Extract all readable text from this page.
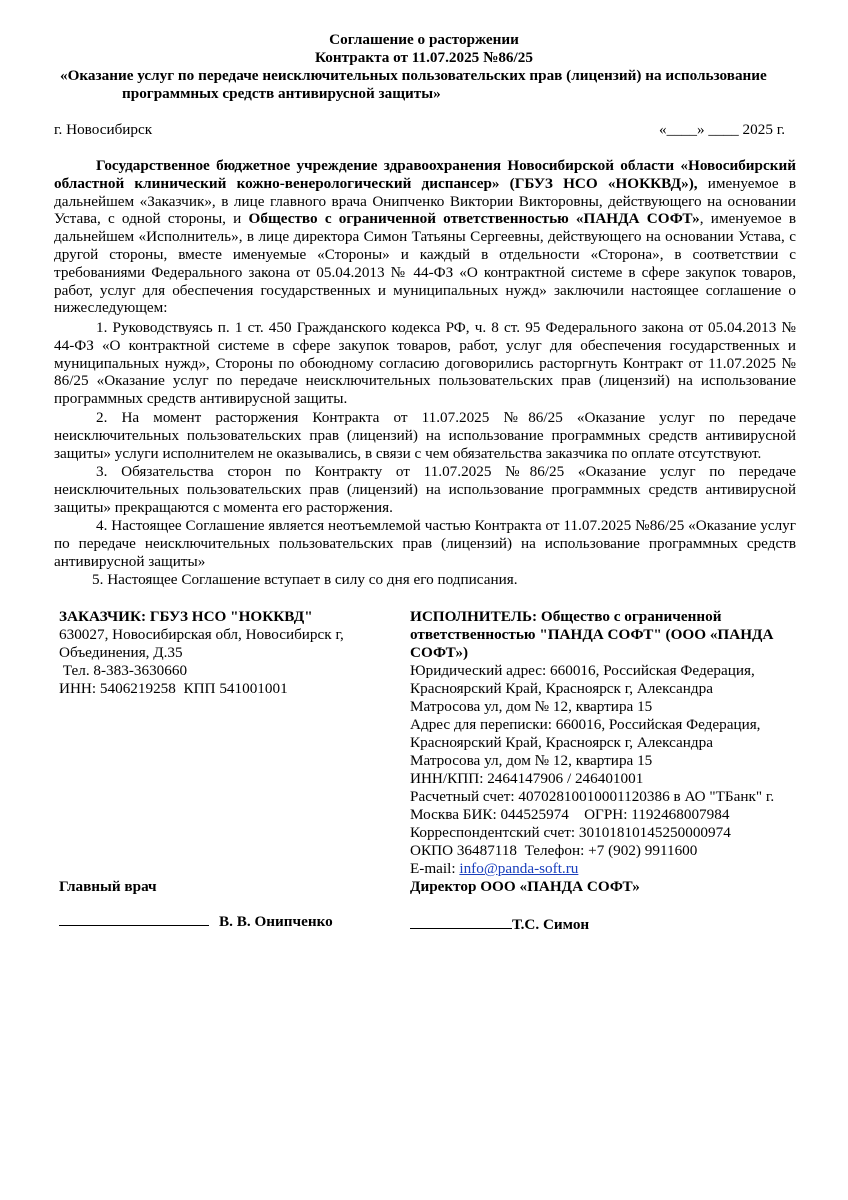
Соглашение о расторжении
Контракта от 11.07.2025 №86/25
«Оказание услуг по передаче неисключительных пользовательских прав (лицензий) на использование
программных средств антивирусной защиты»
г. Новосибирск	«____» ____ 2025 г.
Государственное бюджетное учреждение здравоохранения Новосибирской области «Новосибирский областной клинический кожно-венерологический диспансер» (ГБУЗ НСО «НОККВД»), именуемое в дальнейшем «Заказчик», в лице главного врача Онипченко Виктории Викторовны, действующего на основании Устава, с одной стороны, и Общество с ограниченной ответственностью «ПАНДА СОФТ», именуемое в дальнейшем «Исполнитель», в лице директора Симон Татьяны Сергеевны, действующего на основании Устава, с другой стороны, вместе именуемые «Стороны» и каждый в отдельности «Сторона», в соответствии с требованиями Федерального закона от 05.04.2013 № 44-ФЗ «О контрактной системе в сфере закупок товаров, работ, услуг для обеспечения государственных и муниципальных нужд» заключили настоящее соглашение о нижеследующем:
1. Руководствуясь п. 1 ст. 450 Гражданского кодекса РФ, ч. 8 ст. 95 Федерального закона от 05.04.2013 № 44-ФЗ «О контрактной системе в сфере закупок товаров, работ, услуг для обеспечения государственных и муниципальных нужд», Стороны по обоюдному согласию договорились расторгнуть Контракт от 11.07.2025 № 86/25 «Оказание услуг по передаче неисключительных пользовательских прав (лицензий) на использование программных средств антивирусной защиты.
2. На момент расторжения Контракта от 11.07.2025 №86/25 «Оказание услуг по передаче неисключительных пользовательских прав (лицензий) на использование программных средств антивирусной защиты» услуги исполнителем не оказывались, в связи с чем обязательства заказчика по оплате отсутствуют.
3. Обязательства сторон по Контракту от 11.07.2025 №86/25 «Оказание услуг по передаче неисключительных пользовательских прав (лицензий) на использование программных средств антивирусной защиты» прекращаются с момента его расторжения.
4. Настоящее Соглашение является неотъемлемой частью Контракта от 11.07.2025 №86/25 «Оказание услуг по передаче неисключительных пользовательских прав (лицензий) на использование программных средств антивирусной защиты»
5. Настоящее Соглашение вступает в силу со дня его подписания.
ЗАКАЗЧИК: ГБУЗ НСО "НОККВД"
630027, Новосибирская обл, Новосибирск г,
Объединения, Д.35
Тел. 8-383-3630660
ИНН: 5406219258  КПП 541001001
ИСПОЛНИТЕЛЬ: Общество с ограниченной
ответственностью "ПАНДА СОФТ" (ООО «ПАНДА
СОФТ»)
Юридический адрес: 660016, Российская Федерация,
Красноярский Край, Красноярск г, Александра
Матросова ул, дом № 12, квартира 15
Адрес для переписки: 660016, Российская Федерация,
Красноярский Край, Красноярск г, Александра
Матросова ул, дом № 12, квартира 15
ИНН/КПП: 2464147906 / 246401001
Расчетный счет: 40702810010001120386 в АО "ТБанк" г.
Москва БИК: 044525974    ОГРН: 1192468007984
Корреспондентский счет: 30101810145250000974
ОКПО 36487118  Телефон: +7 (902) 9911600
E-mail: info@panda-soft.ru
Главный врач	Директор ООО «ПАНДА СОФТ»
В. В. Онипченко	Т.С. Симон
